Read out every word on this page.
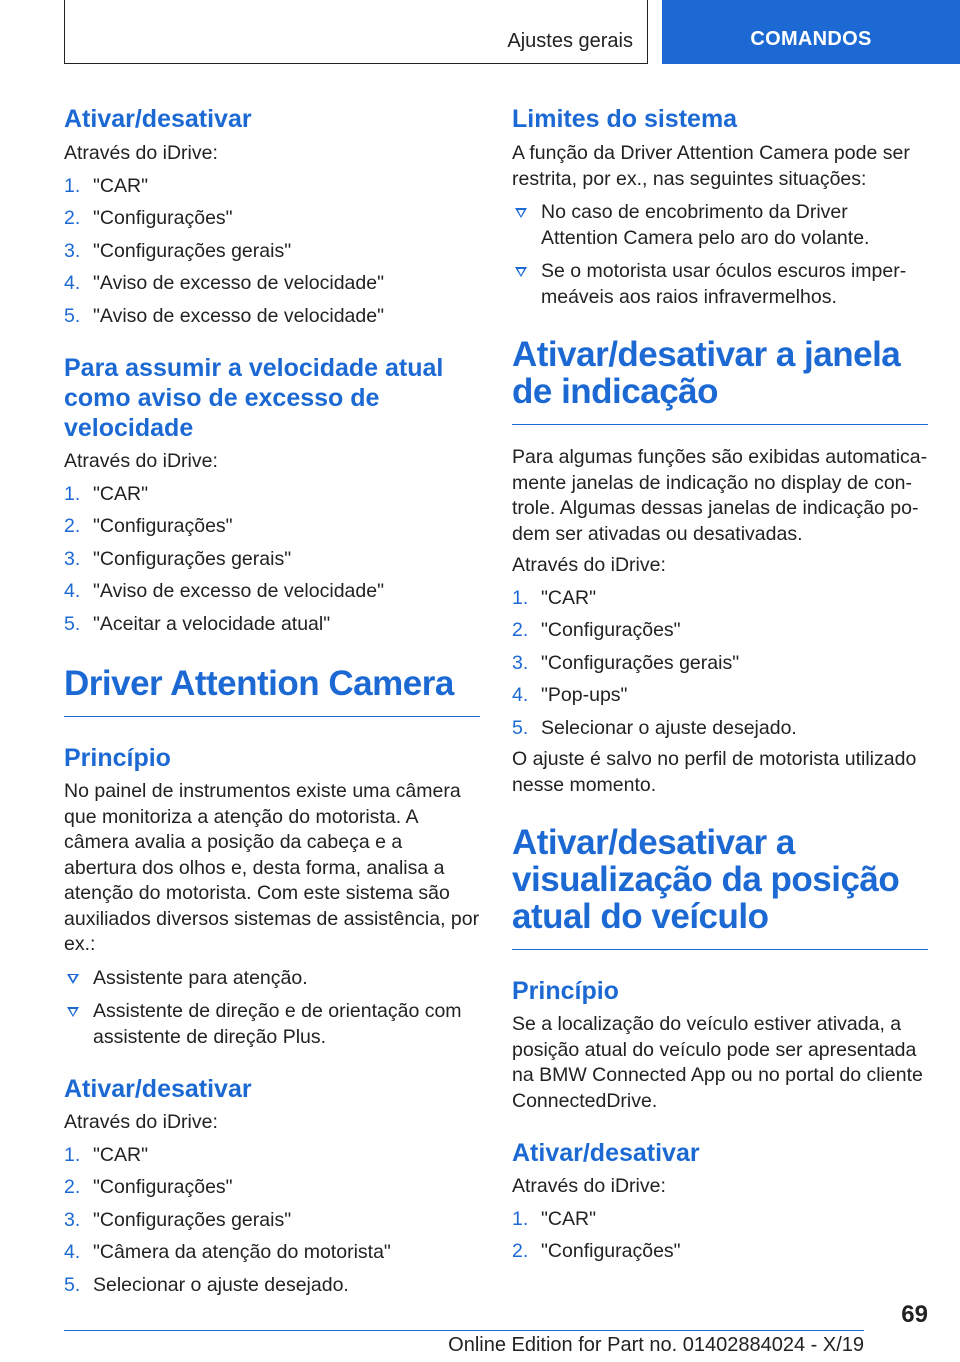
Ajustes gerais	COMANDOS
Ativar/desativar

Através do iDrive:

1. "CAR"
2. "Configurações"
3. "Configurações gerais"
4. "Aviso de excesso de velocidade"
5. "Aviso de excesso de velocidade"
Para assumir a velocidade atual como aviso de excesso de velocidade

Através do iDrive:

1. "CAR"
2. "Configurações"
3. "Configurações gerais"
4. "Aviso de excesso de velocidade"
5. "Aceitar a velocidade atual"
Driver Attention Camera
Princípio

No painel de instrumentos existe uma câmera que monitoriza a atenção do motorista. A câmera avalia a posição da cabeça e a abertura dos olhos e, desta forma, analisa a atenção do motorista. Com este sistema são auxiliados diversos sistemas de assistência, por ex.:

Assistente para atenção.
Assistente de direção e de orientação com assistente de direção Plus.
Ativar/desativar

Através do iDrive:

1. "CAR"
2. "Configurações"
3. "Configurações gerais"
4. "Câmera da atenção do motorista"
5. Selecionar o ajuste desejado.
Limites do sistema

A função da Driver Attention Camera pode ser restrita, por ex., nas seguintes situações:

No caso de encobrimento da Driver Attention Camera pelo aro do volante.
Se o motorista usar óculos escuros impermeáveis aos raios infravermelhos.
Ativar/desativar a janela de indicação

Para algumas funções são exibidas automaticamente janelas de indicação no display de controle. Algumas dessas janelas de indicação podem ser ativadas ou desativadas.

Através do iDrive:

1. "CAR"
2. "Configurações"
3. "Configurações gerais"
4. "Pop-ups"
5. Selecionar o ajuste desejado.

O ajuste é salvo no perfil de motorista utilizado nesse momento.

Ativar/desativar a visualização da posição atual do veículo
Princípio

Se a localização do veículo estiver ativada, a posição atual do veículo pode ser apresentada na BMW Connected App ou no portal do cliente ConnectedDrive.

Ativar/desativar

Através do iDrive:

1. "CAR"
2. "Configurações"
69
Online Edition for Part no. 01402884024 - X/19
